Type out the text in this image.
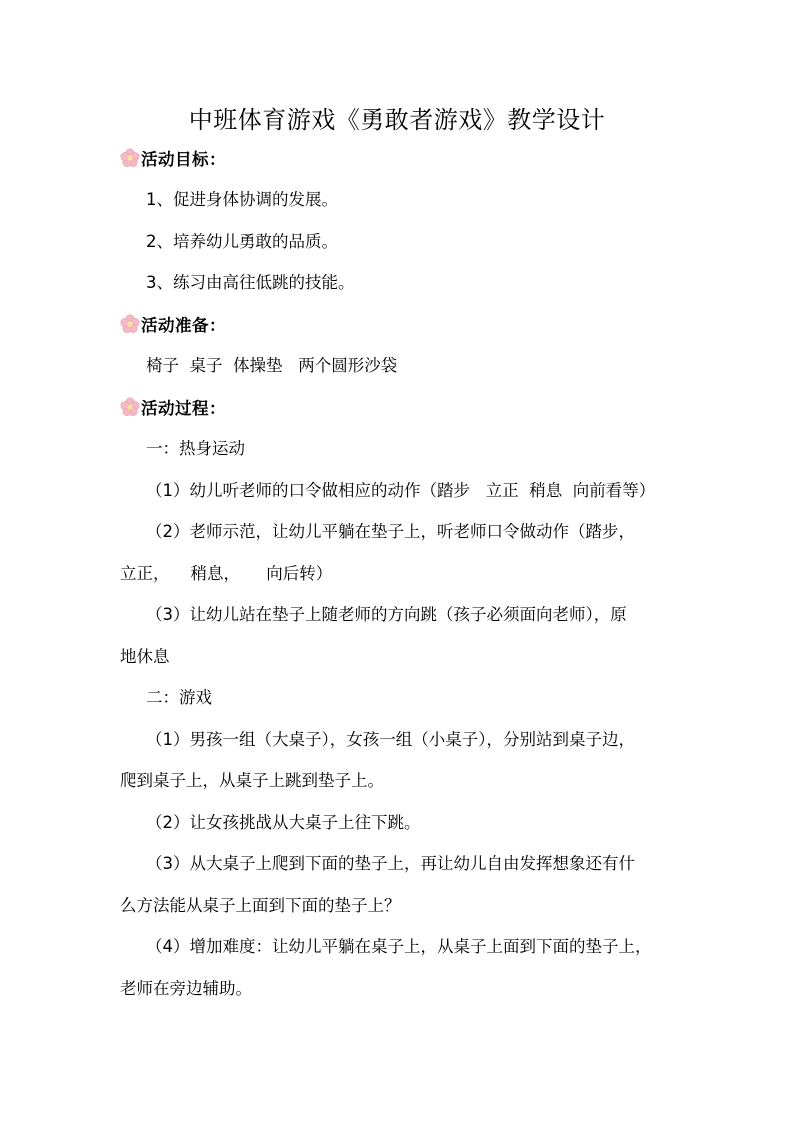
中班体育游戏《勇敢者游戏》教学设计
活动目标：
1、促进身体协调的发展。
2、培养幼儿勇敢的品质。
3、练习由高往低跳的技能。
活动准备：
椅子  桌子  体操垫   两个圆形沙袋
活动过程：
一：热身运动
（1）幼儿听老师的口令做相应的动作（踏步   立正  稍息  向前看等）
（2）老师示范，让幼儿平躺在垫子上，听老师口令做动作（踏步，
立正，    稍息，     向后转）
（3）让幼儿站在垫子上随老师的方向跳（孩子必须面向老师），原
地休息
二：游戏
（1）男孩一组（大桌子），女孩一组（小桌子），分别站到桌子边，
爬到桌子上，从桌子上跳到垫子上。
（2）让女孩挑战从大桌子上往下跳。
（3）从大桌子上爬到下面的垫子上，再让幼儿自由发挥想象还有什
么方法能从桌子上面到下面的垫子上？
（4）增加难度：让幼儿平躺在桌子上，从桌子上面到下面的垫子上，
老师在旁边辅助。
